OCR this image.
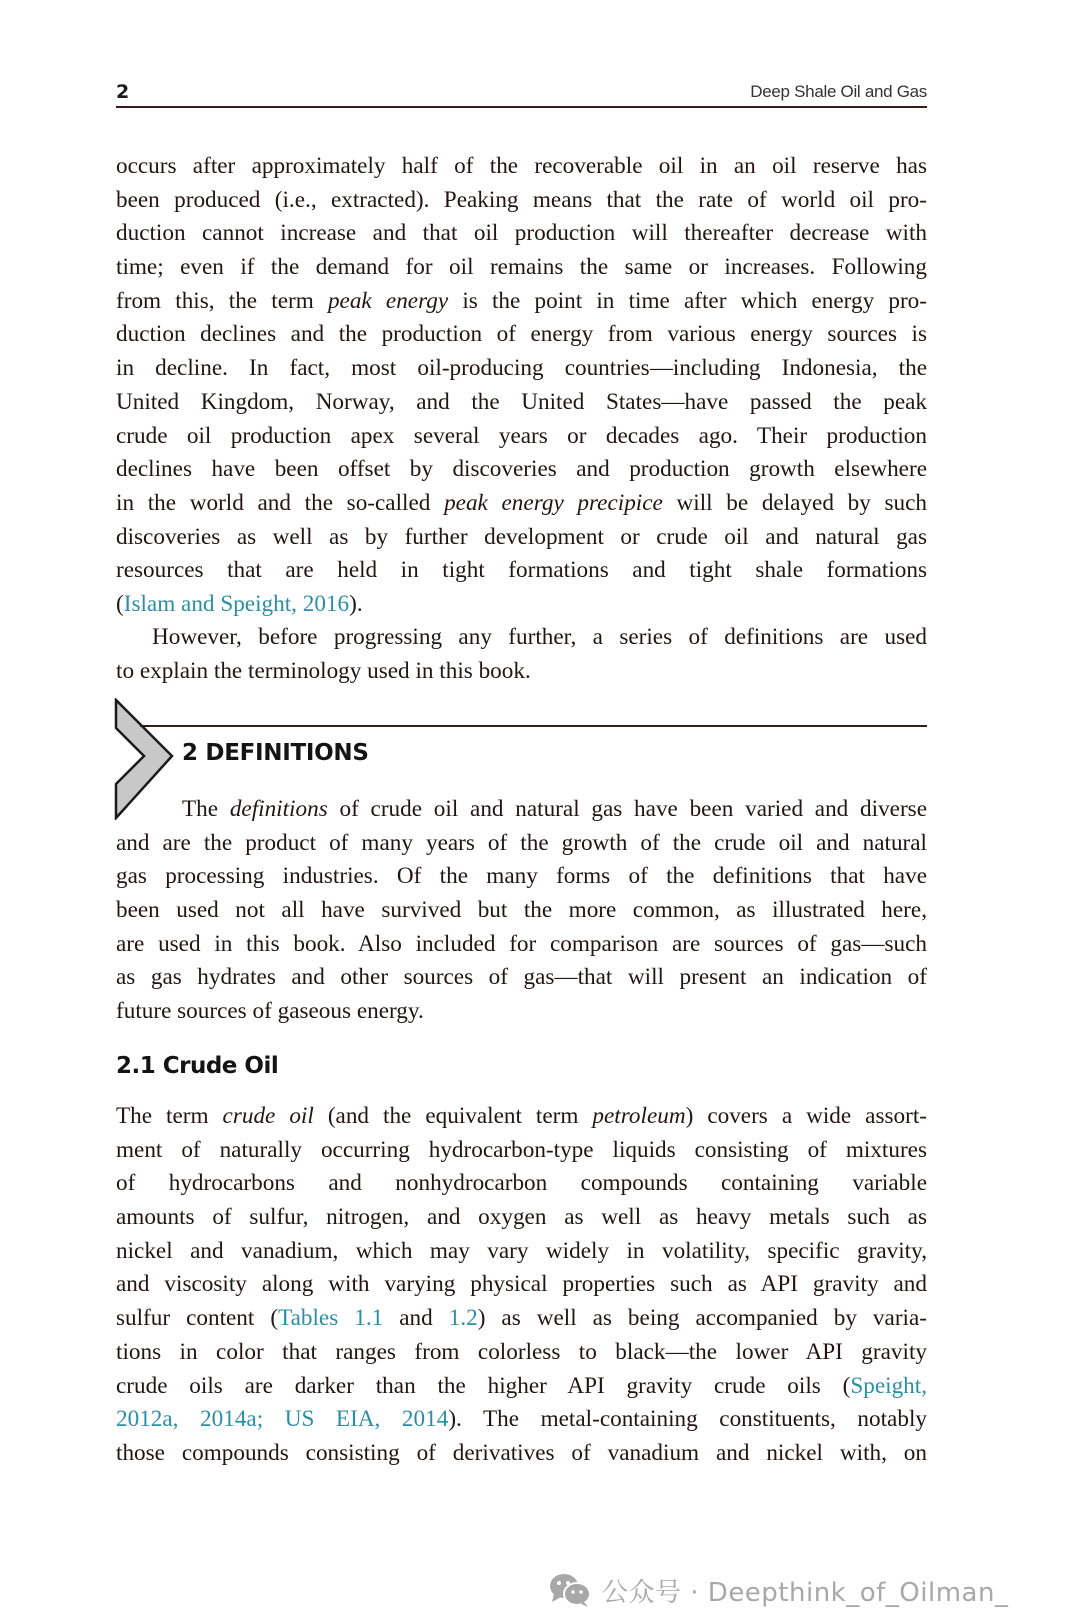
2	Deep Shale Oil and Gas
occurs after approximately half of the recoverable oil in an oil reserve has
been produced (i.e., extracted). Peaking means that the rate of world oil pro-
duction cannot increase and that oil production will thereafter decrease with
time; even if the demand for oil remains the same or increases. Following
from this, the term peak energy is the point in time after which energy pro-
duction declines and the production of energy from various energy sources is
in decline. In fact, most oil-producing countries—including Indonesia, the
United Kingdom, Norway, and the United States—have passed the peak
crude oil production apex several years or decades ago. Their production
declines have been offset by discoveries and production growth elsewhere
in the world and the so-called peak energy precipice will be delayed by such
discoveries as well as by further development or crude oil and natural gas
resources that are held in tight formations and tight shale formations
(Islam and Speight, 2016).
However, before progressing any further, a series of definitions are used
to explain the terminology used in this book.
2 DEFINITIONS
The definitions of crude oil and natural gas have been varied and diverse
and are the product of many years of the growth of the crude oil and natural
gas processing industries. Of the many forms of the definitions that have
been used not all have survived but the more common, as illustrated here,
are used in this book. Also included for comparison are sources of gas—such
as gas hydrates and other sources of gas—that will present an indication of
future sources of gaseous energy.
2.1 Crude Oil
The term crude oil (and the equivalent term petroleum) covers a wide assort-
ment of naturally occurring hydrocarbon-type liquids consisting of mixtures
of hydrocarbons and nonhydrocarbon compounds containing variable
amounts of sulfur, nitrogen, and oxygen as well as heavy metals such as
nickel and vanadium, which may vary widely in volatility, specific gravity,
and viscosity along with varying physical properties such as API gravity and
sulfur content (Tables 1.1 and 1.2) as well as being accompanied by varia-
tions in color that ranges from colorless to black—the lower API gravity
crude oils are darker than the higher API gravity crude oils (Speight,
2012a, 2014a; US EIA, 2014). The metal-containing constituents, notably
those compounds consisting of derivatives of vanadium and nickel with, on
公众号 · Deepthink_of_Oilman_
